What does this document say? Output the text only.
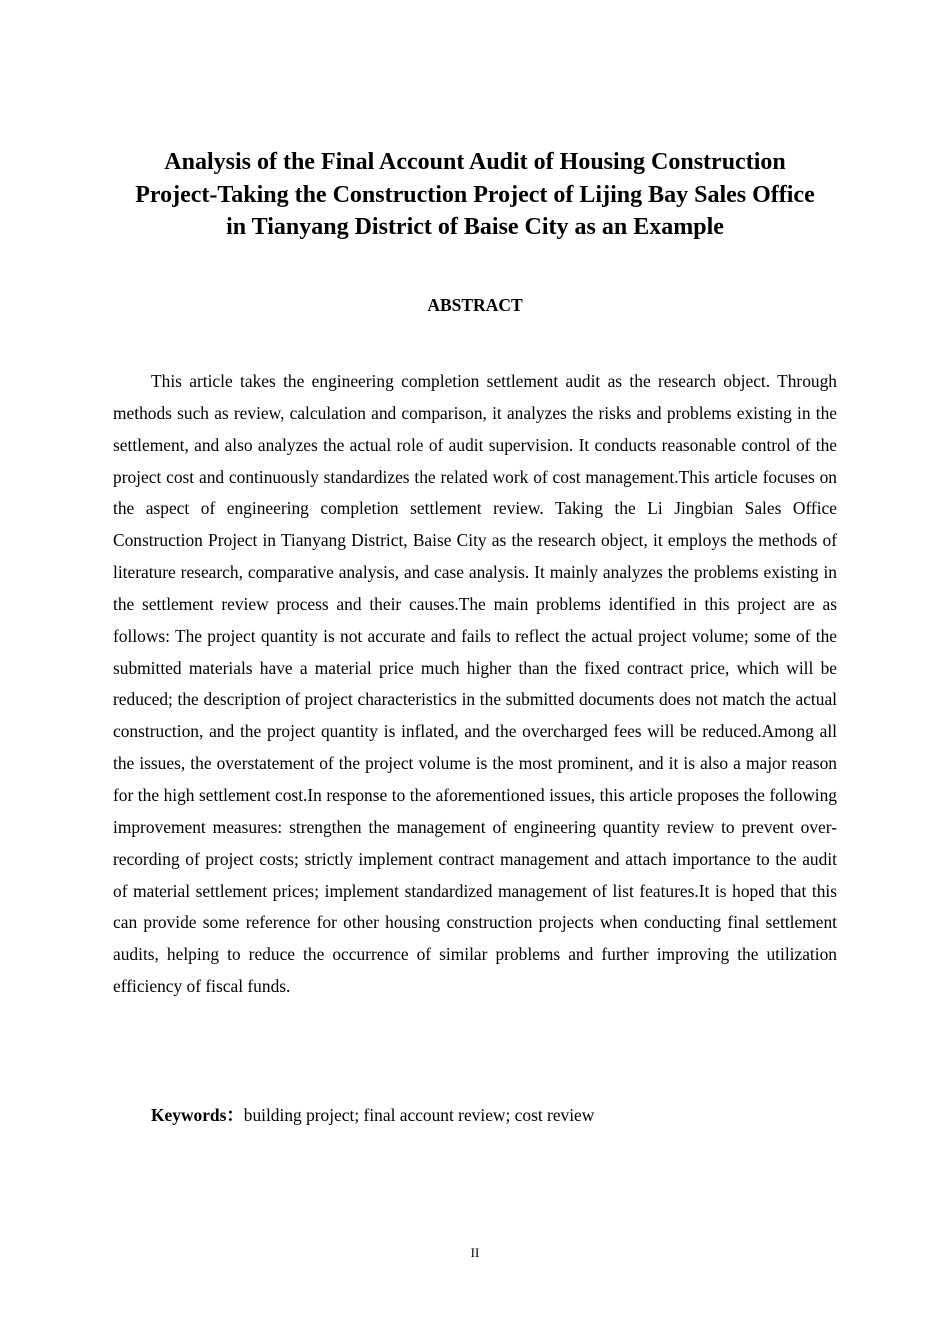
Analysis of the Final Account Audit of Housing Construction
Project-Taking the Construction Project of Lijing Bay Sales Office
in Tianyang District of Baise City as an Example
ABSTRACT

This article takes the engineering completion settlement audit as the research object. Through methods such as review, calculation and comparison, it analyzes the risks and problems existing in the settlement, and also analyzes the actual role of audit supervision. It conducts reasonable control of the project cost and continuously standardizes the related work of cost management.This article focuses on the aspect of engineering completion settlement review. Taking the Li Jingbian Sales Office Construction Project in Tianyang District, Baise City as the research object, it employs the methods of literature research, comparative analysis, and case analysis. It mainly analyzes the problems existing in the settlement review process and their causes.The main problems identified in this project are as follows: The project quantity is not accurate and fails to reflect the actual project volume; some of the submitted materials have a material price much higher than the fixed contract price, which will be reduced; the description of project characteristics in the submitted documents does not match the actual construction, and the project quantity is inflated, and the overcharged fees will be reduced.Among all the issues, the overstatement of the project volume is the most prominent, and it is also a major reason for the high settlement cost.In response to the aforementioned issues, this article proposes the following improvement measures: strengthen the management of engineering quantity review to prevent over-recording of project costs; strictly implement contract management and attach importance to the audit of material settlement prices; implement standardized management of list features.It is hoped that this can provide some reference for other housing construction projects when conducting final settlement audits, helping to reduce the occurrence of similar problems and further improving the utilization efficiency of fiscal funds.

Keywords：building project; final account review; cost review

II
